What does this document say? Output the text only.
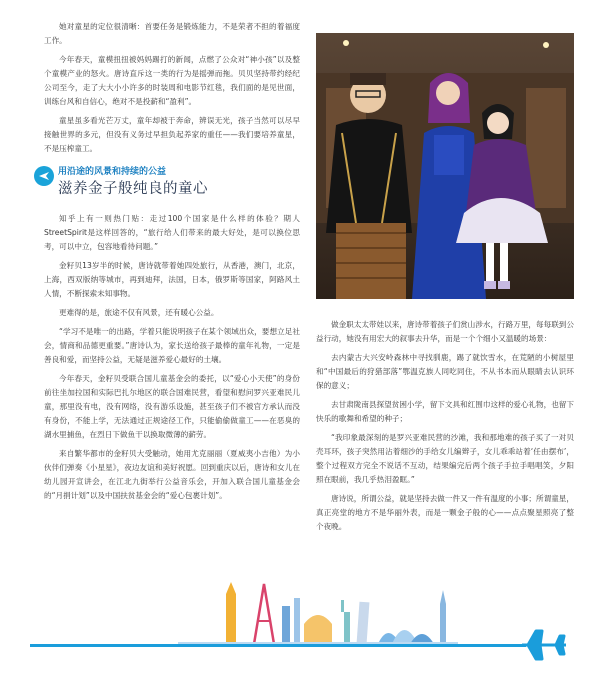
她对童星的定位很清晰：首要任务是锻炼能力，不是荣者不担的着福度工作。

今年春天，童模扭扭被妈妈踢打的新闻，点燃了公众对“神小孩”以及整个童模产业的怒火。唐诗直斥这一类的行为是摇弹而拖。贝贝坚持带约经纪公司至今，走了大大小小许多的时装周和电影节红毯，我们面的是见世面，训练台风和自信心，绝对不是投薪和“盈利”。

童星虽多看光芒万丈，童年却被于奔命，辨误无光，孩子当然可以尽早接触世界的多元，但没有义务过早担负起养家的重任——我们要培养童星，不是压榨童工。

用沿途的风景和持续的公益
滋养金子般纯良的童心

知乎上有一则热门贴：走过100个国家是什么样的体验？期人 StreetSpirit是这样回答的，“旅行给人们带来的最大好处，是可以换位思考，可以中立，包容地看待问题。”

金籽贝13岁半的时候，唐诗就带着她四处旅行，从香港，澳门，北京，上海，西双版纳等城市，再到迪拜，法国，日本，俄罗斯等国家，阿路风土人情，不断探索未知事物。

更难得的是，旅途不仅有风景，还有暖心公益。

“学习不是唯一的出路，学着只能说明孩子在某个领域出众，要想立足社会，情商和品德更重要。”唐诗认为，家长送给孩子最棒的童年礼物，一定是善良和爱，而坚持公益，无疑是滋养爱心最好的土壤。

今年春天，金籽贝受联合国儿童基金会的委托，以“爱心小天使”的身份前往坐加拉国和实际巴扎尔地区的联合国难民营，看望和慰问罗兴亚难民儿童，那里没有电，没有网络，没有游乐设施，甚至孩子们不被官方承认而没有身份，不能上学，无法通过正规途径工作，只能偷偷做童工——在恶臭的湖水里捕鱼，在烈日下做鱼干以换取微薄的薪劳。

来自繁华都市的金籽贝大受触动，她用尤克丽丽（夏威夷小吉他）为小伙伴们弹奏《小星星》，夜边友谊和美好祝愿。回到重庆以后，唐诗和女儿在幼儿园开宣讲会，在江北九街举行公益音乐会，开加入联合国儿童基金会的“月捐计划”以及中国扶贫基金会的“爱心包裹计划”。

做金职太太带娃以来，唐诗带着孩子们赏山涉水，行路万里，每每联到公益行动，她没有用宏大的叙事去升华，而是一个个细小又温暖的场景：

去内蒙古大兴安岭森林中寻找驯鹿，踢了就饮雪水，在荒陋的小树屋里和“中国最后的狩猎部落”鄂温克族人同吃同住，不从书本而从眼睛去认识环保的意义；

去甘肃陇南县探望贫困小学，留下文具和红围巾这样的爱心礼物，也留下快乐的歌舞和希望的种子；

“我印象最深刻的是罗兴亚难民营的沙滩，我和那地难的孩子买了一对贝壳耳环，孩子突然用沾着细沙的手给女儿编辫子，女儿乖乖站着‘任由摆布’，整个过程双方完全不说话不互动，结果编完后两个孩子手拉手唱唱笑，夕阳照在眼前，我几乎热泪盈眶。”

唐诗说，所谓公益，就是坚持去做一件又一件有温度的小事；所谓童星，真正亮堂的地方不是华丽外表，而是一颗金子般的心——点点聚星照亮了整个夜晚。
